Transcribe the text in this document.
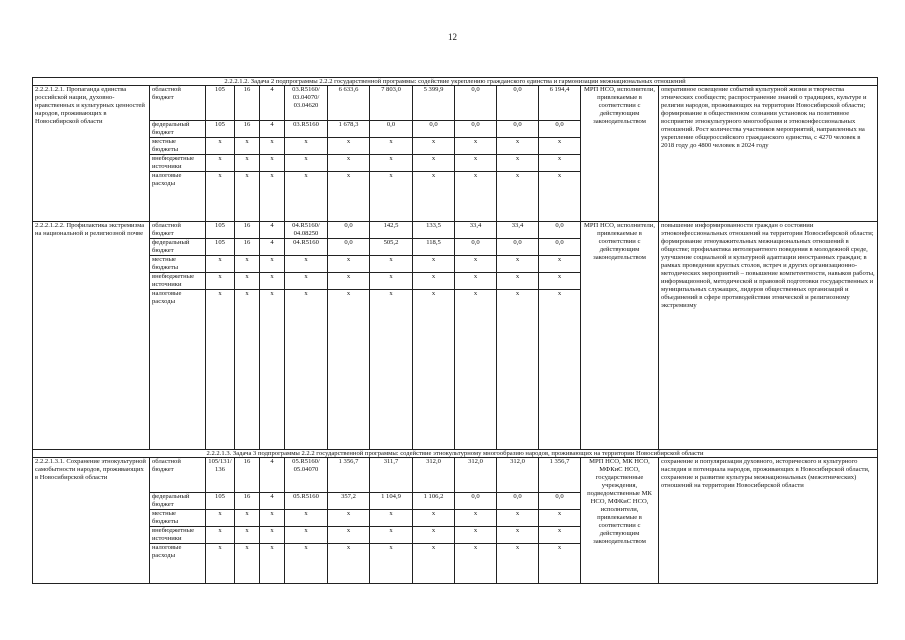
12
2.2.2.1.2. Задача 2 подпрограммы 2.2.2 государственной программы: содействие укреплению гражданского единства и гармонизации межнациональных отношений													
2.2.2.1.2.1. Пропаганда единства российской нации, духовно-нравственных и культурных ценностей народов, проживающих в Новосибирской области	областной бюджет	105	16	4	03.R5160/ 03.04070/ 03.04620	6 633,6	7 803,0	5 399,9	0,0	0,0	6 194,4	МРП НСО, исполнители, привлекаемые в соответствии с действующим законодательством	оперативное освещение событий культурной жизни и творчества этнических сообществ; распространение знаний о традициях, культуре и религии народов, проживающих на территории Новосибирской области; формирование в общественном сознании установок на позитивное восприятие этнокультурного многообразия и этноконфессиональных отношений. Рост количества участников мероприятий, направленных на укрепление общероссийского гражданского единства, с 4270 человек в 2018 году до 4800 человек в 2024 году
	федеральный бюджет	105	16	4	03.R5160	1 678,3	0,0	0,0	0,0	0,0	0,0		
	местные бюджеты	x	x	x	x	x	x	x	x	x	x		
	внебюджетные источники	x	x	x	x	x	x	x	x	x	x		
	налоговые расходы	x	x	x	x	x	x	x	x	x	x		
2.2.2.1.2.2. Профилактика экстремизма на национальной и религиозной почве	областной бюджет	105	16	4	04.R5160/ 04.08250	0,0	142,5	133,5	33,4	33,4	0,0	МРП НСО, исполнители, привлекаемые в соответствии с действующим законодательством	повышение информированности граждан о состоянии этноконфессиональных отношений на территории Новосибирской области; формирование этноуважительных межнациональных отношений в обществе; профилактика интолерантного поведения в молодежной среде, улучшение социальной и культурной адаптации иностранных граждан; в рамках проведения круглых столов, встреч и других организационно-методических мероприятий – повышение компетентности, навыков работы, информационной, методической и правовой подготовки государственных и муниципальных служащих, лидеров общественных организаций и объединений в сфере противодействия этнической и религиозному экстремизму
	федеральный бюджет	105	16	4	04.R5160	0,0	505,2	118,5	0,0	0,0	0,0		
	местные бюджеты	x	x	x	x	x	x	x	x	x	x		
	внебюджетные источники	x	x	x	x	x	x	x	x	x	x		
	налоговые расходы	x	x	x	x	x	x	x	x	x	x		
2.2.2.1.3. Задача 3 подпрограммы 2.2.2 государственной программы: содействие этнокультурному многообразию народов, проживающих на территории Новосибирской области													
2.2.2.1.3.1. Сохранение этнокультурной самобытности народов, проживающих в Новосибирской области	областной бюджет	105/131/ 136	16	4	05.R5160/ 05.04070	1 356,7	311,7	312,0	312,0	312,0	1 356,7	МРП НСО, МК НСО, МФКиС НСО, государственные учреждения, подведомственные МК НСО, МФКиС НСО, исполнители, привлекаемые в соответствии с действующим законодательством	сохранение и популяризация духовного, исторического и культурного наследия и потенциала народов, проживающих в Новосибирской области, сохранение и развитие культуры межнациональных (межэтнических) отношений на территории Новосибирской области
	федеральный бюджет	105	16	4	05.R5160	357,2	1 104,9	1 106,2	0,0	0,0	0,0		
	местные бюджеты	x	x	x	x	x	x	x	x	x	x		
	внебюджетные источники	x	x	x	x	x	x	x	x	x	x		
	налоговые расходы	x	x	x	x	x	x	x	x	x	x		
